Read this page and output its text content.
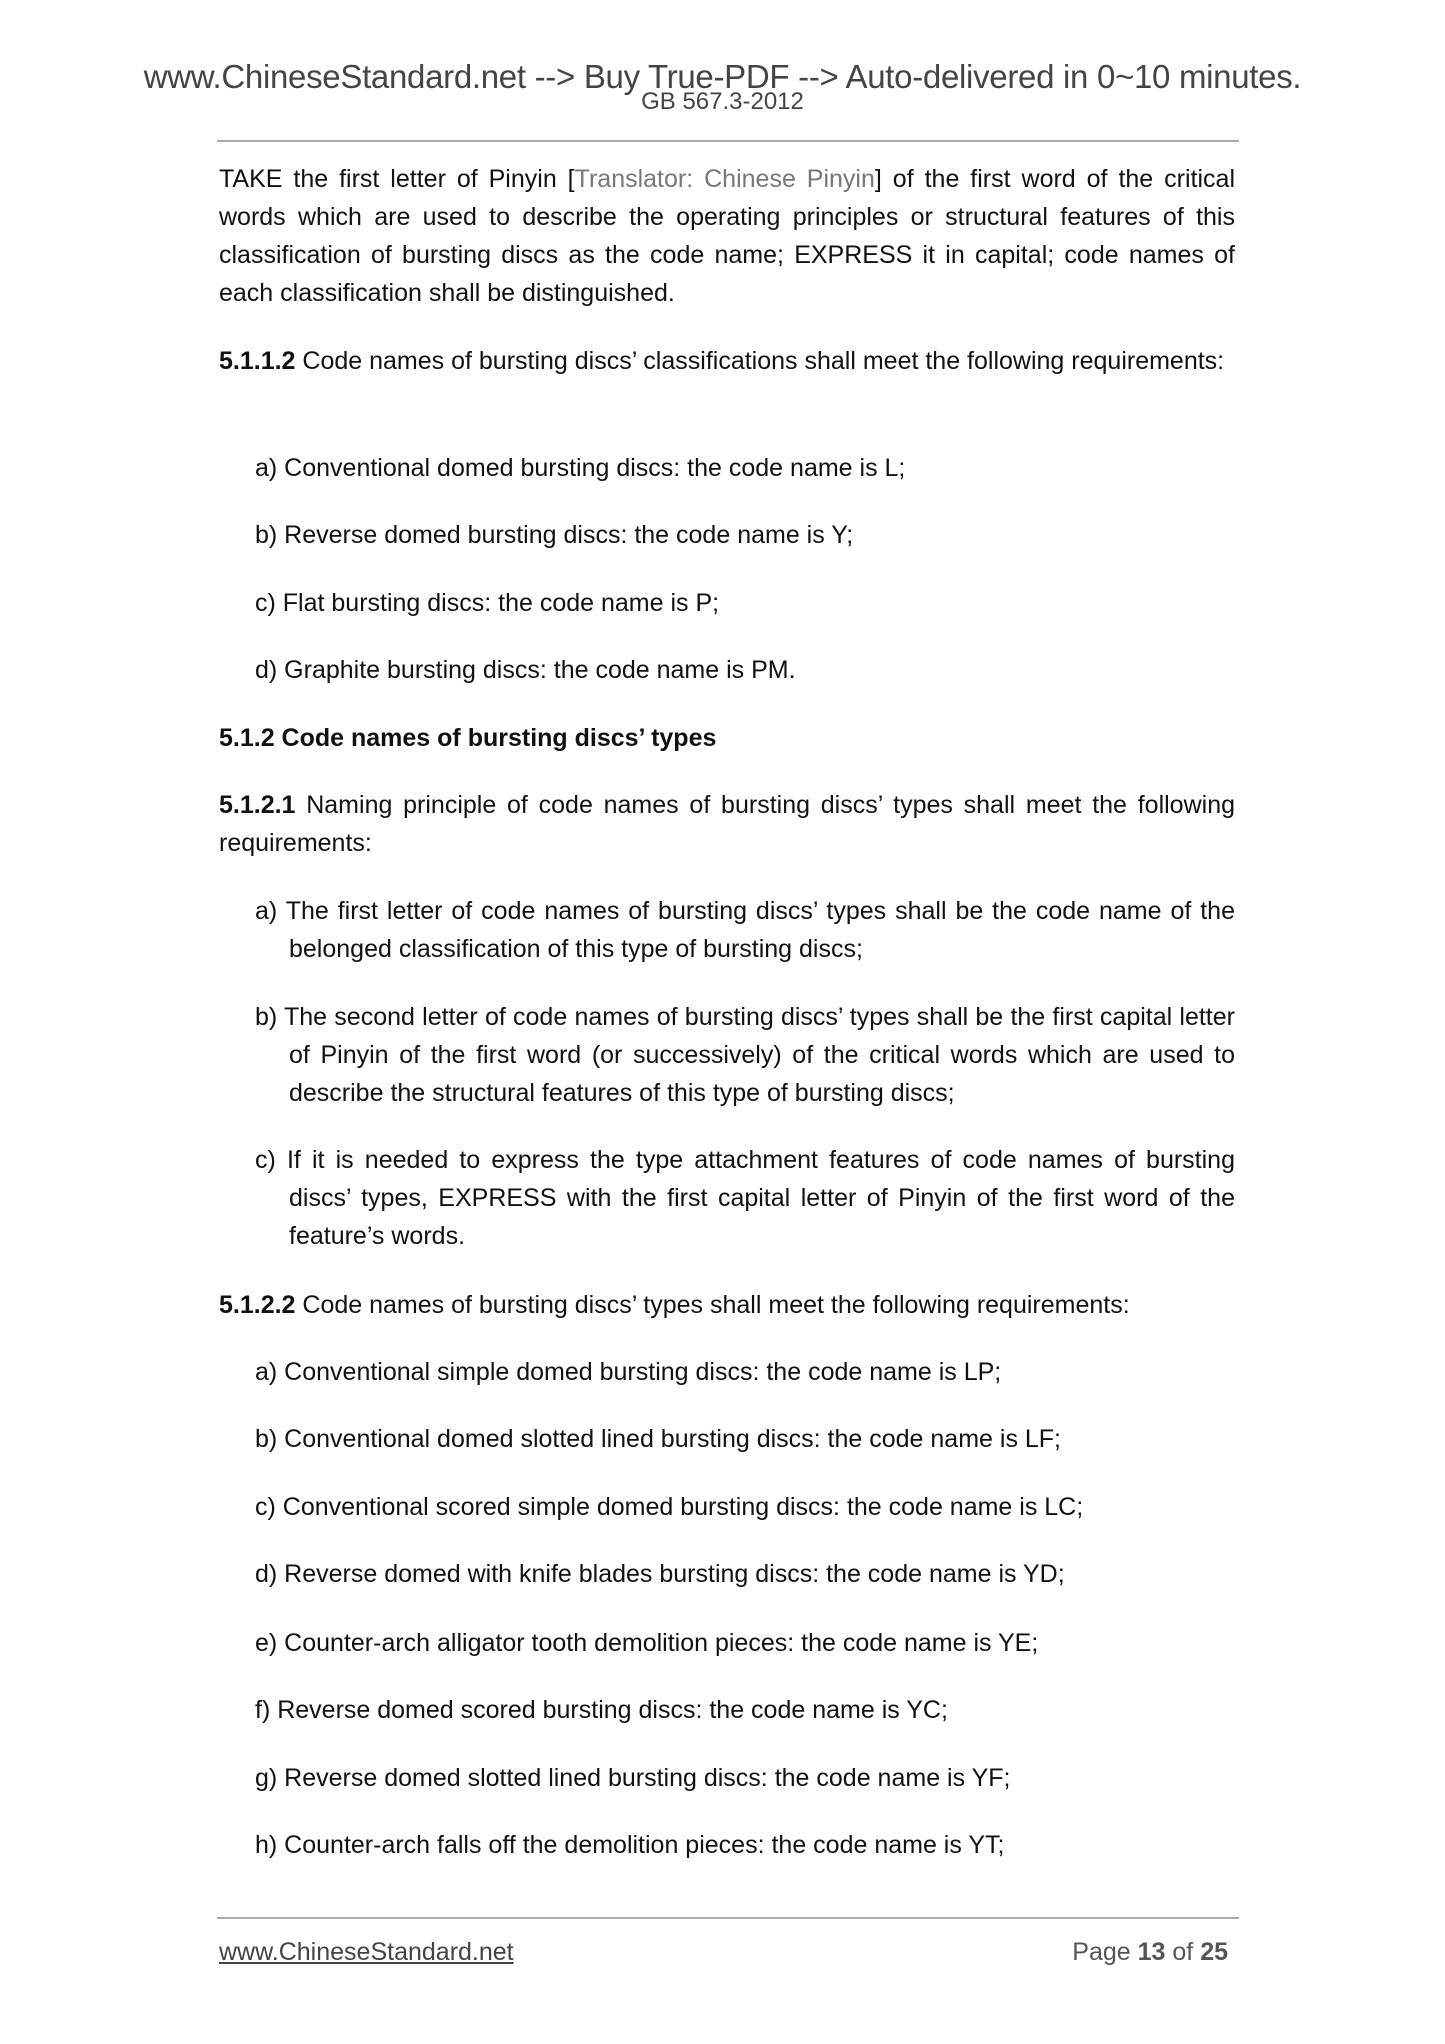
www.ChineseStandard.net --> Buy True-PDF --> Auto-delivered in 0~10 minutes.
GB 567.3-2012
TAKE the first letter of Pinyin [Translator: Chinese Pinyin] of the first word of the critical words which are used to describe the operating principles or structural features of this classification of bursting discs as the code name; EXPRESS it in capital; code names of each classification shall be distinguished.
5.1.1.2 Code names of bursting discs’ classifications shall meet the following requirements:
a) Conventional domed bursting discs: the code name is L;
b) Reverse domed bursting discs: the code name is Y;
c) Flat bursting discs: the code name is P;
d) Graphite bursting discs: the code name is PM.
5.1.2 Code names of bursting discs’ types
5.1.2.1 Naming principle of code names of bursting discs’ types shall meet the following requirements:
a) The first letter of code names of bursting discs’ types shall be the code name of the belonged classification of this type of bursting discs;
b) The second letter of code names of bursting discs’ types shall be the first capital letter of Pinyin of the first word (or successively) of the critical words which are used to describe the structural features of this type of bursting discs;
c) If it is needed to express the type attachment features of code names of bursting discs’ types, EXPRESS with the first capital letter of Pinyin of the first word of the feature’s words.
5.1.2.2 Code names of bursting discs’ types shall meet the following requirements:
a) Conventional simple domed bursting discs: the code name is LP;
b) Conventional domed slotted lined bursting discs: the code name is LF;
c) Conventional scored simple domed bursting discs: the code name is LC;
d) Reverse domed with knife blades bursting discs: the code name is YD;
e) Counter-arch alligator tooth demolition pieces: the code name is YE;
f) Reverse domed scored bursting discs: the code name is YC;
g) Reverse domed slotted lined bursting discs: the code name is YF;
h) Counter-arch falls off the demolition pieces: the code name is YT;
www.ChineseStandard.net	Page 13 of 25
